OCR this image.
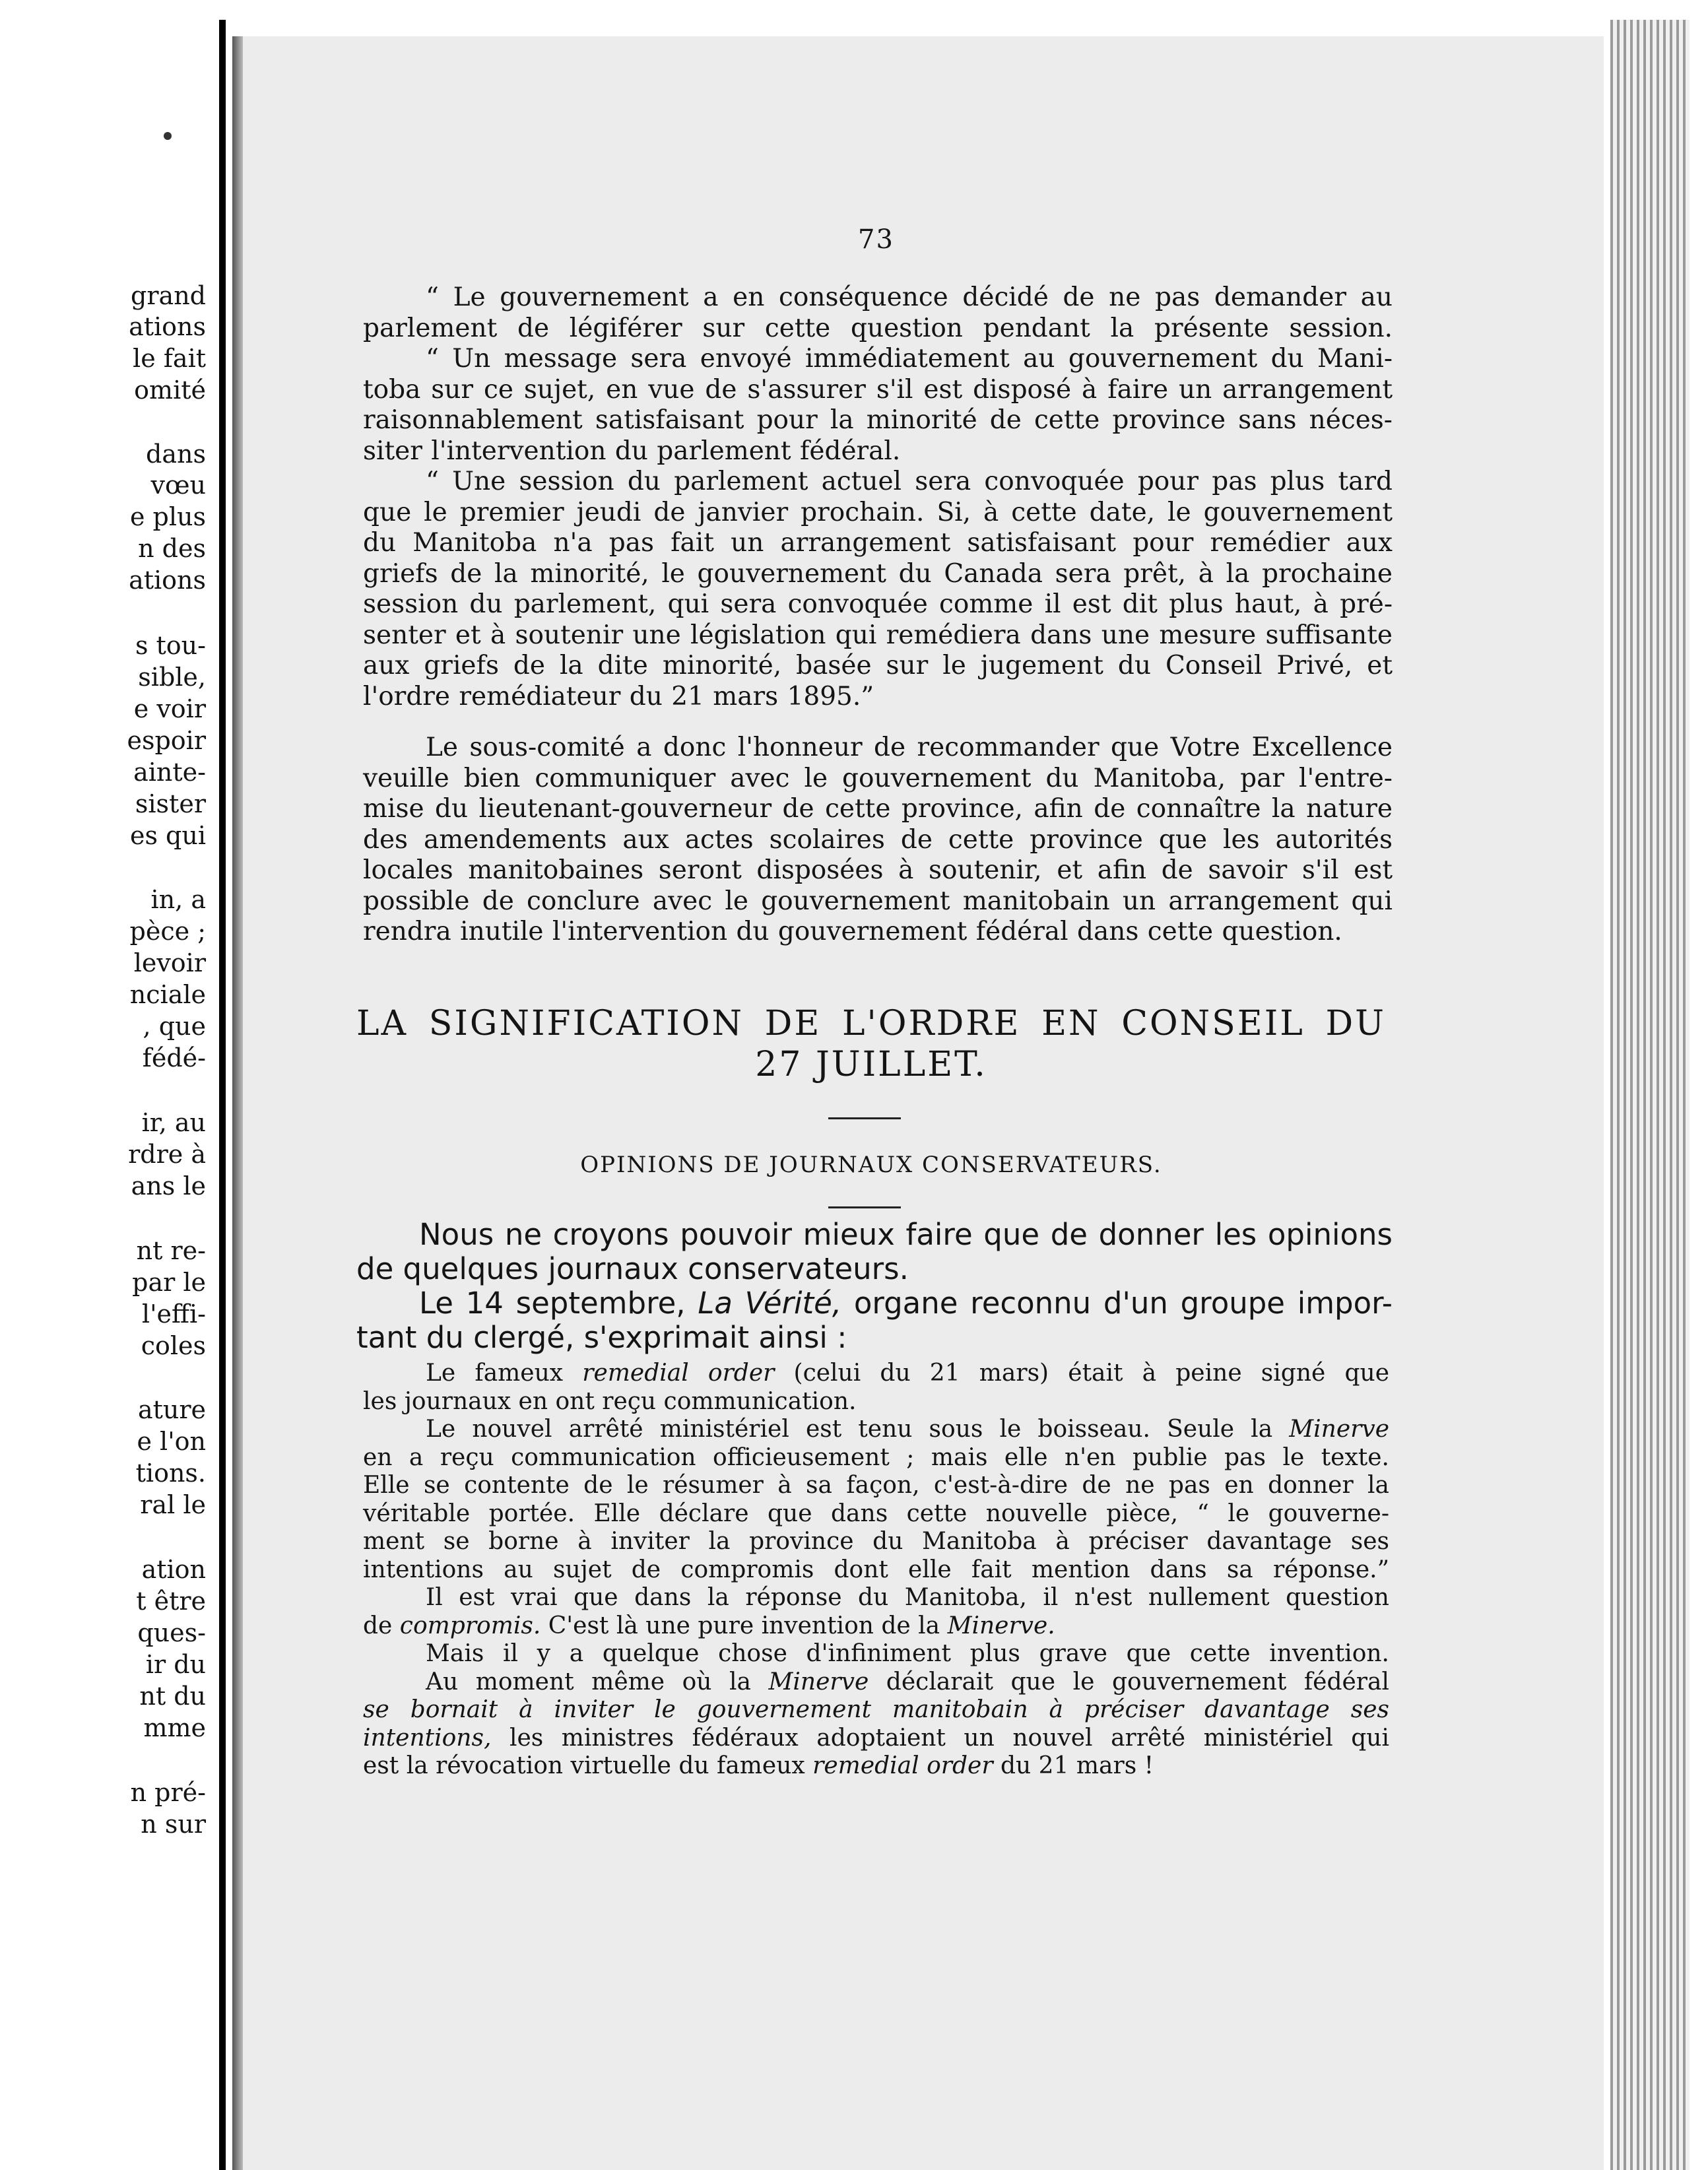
grand
ations
le fait
omité
dans
vœu
e plus
n des
ations
s tou-
sible,
e voir
espoir
ainte-
sister
es qui
in, a
pèce ;
levoir
nciale
, que
fédé-
ir, au
rdre à
ans le
nt re-
par le
l'effi-
coles
ature
e l'on
tions.
ral le
ation
t être
ques-
ir du
nt du
mme
n pré-
n sur
73
“ Le gouvernement a en conséquence décidé de ne pas demander au
parlement de légiférer sur cette question pendant la présente session.
“ Un message sera envoyé immédiatement au gouvernement du Mani-
toba sur ce sujet, en vue de s'assurer s'il est disposé à faire un arrangement
raisonnablement satisfaisant pour la minorité de cette province sans néces-
siter l'intervention du parlement fédéral.
“ Une session du parlement actuel sera convoquée pour pas plus tard
que le premier jeudi de janvier prochain. Si, à cette date, le gouvernement
du Manitoba n'a pas fait un arrangement satisfaisant pour remédier aux
griefs de la minorité, le gouvernement du Canada sera prêt, à la prochaine
session du parlement, qui sera convoquée comme il est dit plus haut, à pré-
senter et à soutenir une législation qui remédiera dans une mesure suffisante
aux griefs de la dite minorité, basée sur le jugement du Conseil Privé, et
l'ordre remédiateur du 21 mars 1895.”
Le sous-comité a donc l'honneur de recommander que Votre Excellence
veuille bien communiquer avec le gouvernement du Manitoba, par l'entre-
mise du lieutenant-gouverneur de cette province, afin de connaître la nature
des amendements aux actes scolaires de cette province que les autorités
locales manitobaines seront disposées à soutenir, et afin de savoir s'il est
possible de conclure avec le gouvernement manitobain un arrangement qui
rendra inutile l'intervention du gouvernement fédéral dans cette question.
LA SIGNIFICATION DE L'ORDRE EN CONSEIL DU
27 JUILLET.
OPINIONS DE JOURNAUX CONSERVATEURS.
Nous ne croyons pouvoir mieux faire que de donner les opinions
de quelques journaux conservateurs.
Le 14 septembre, La Vérité, organe reconnu d'un groupe impor-
tant du clergé, s'exprimait ainsi :
Le fameux remedial order (celui du 21 mars) était à peine signé que
les journaux en ont reçu communication.
Le nouvel arrêté ministériel est tenu sous le boisseau. Seule la Minerve
en a reçu communication officieusement ; mais elle n'en publie pas le texte.
Elle se contente de le résumer à sa façon, c'est-à-dire de ne pas en donner la
véritable portée. Elle déclare que dans cette nouvelle pièce, “ le gouverne-
ment se borne à inviter la province du Manitoba à préciser davantage ses
intentions au sujet de compromis dont elle fait mention dans sa réponse.”
Il est vrai que dans la réponse du Manitoba, il n'est nullement question
de compromis. C'est là une pure invention de la Minerve.
Mais il y a quelque chose d'infiniment plus grave que cette invention.
Au moment même où la Minerve déclarait que le gouvernement fédéral
se bornait à inviter le gouvernement manitobain à préciser davantage ses
intentions, les ministres fédéraux adoptaient un nouvel arrêté ministériel qui
est la révocation virtuelle du fameux remedial order du 21 mars !
